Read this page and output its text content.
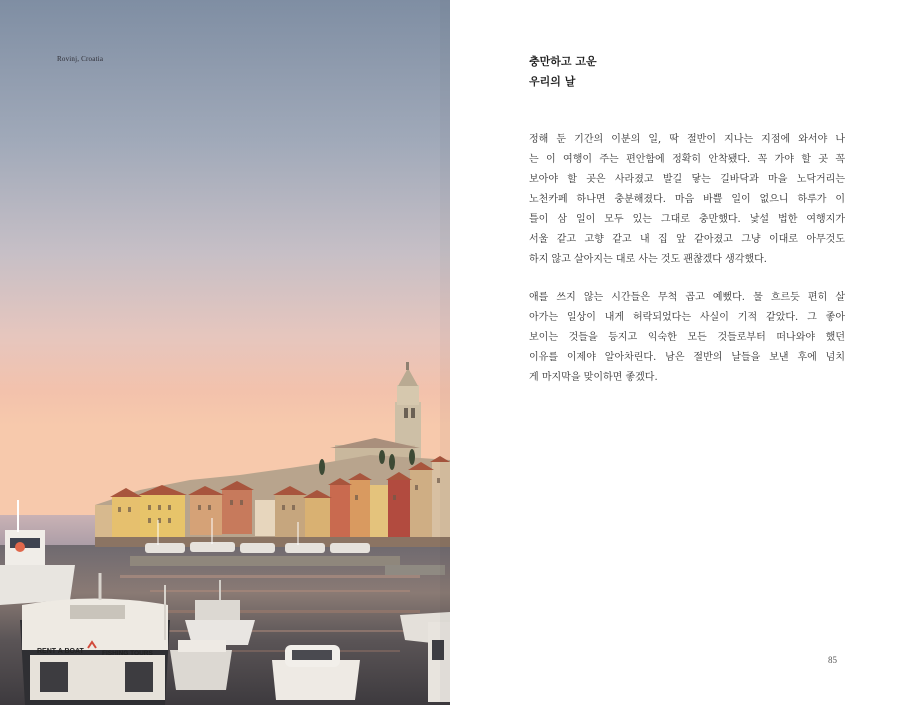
RENT A BOAT	FISHING TOURS
Rovinj, Croatia	충만하고 고운
우리의 날
정해 둔 기간의 이분의 일, 딱 절반이 지나는 지점에 와서야 나
는 이 여행이 주는 편안함에 정확히 안착됐다. 꼭 가야 할 곳 꼭
보아야 할 곳은 사라졌고 발길 닿는 길바닥과 마을 노닥거리는
노천카페 하나면 충분해졌다. 마음 바쁠 일이 없으니 하루가 이
틀이 삼 일이 모두 있는 그대로 충만했다. 낯설 법한 여행지가
서울 같고 고향 같고 내 집 앞 같아졌고 그냥 이대로 아무것도
하지 않고 살아지는 대로 사는 것도 괜찮겠다 생각했다.
애를 쓰지 않는 시간들은 무척 곱고 예뻤다. 물 흐르듯 편히 살
아가는 일상이 내게 허락되었다는 사실이 기적 같았다. 그 좋아
보이는 것들을 등지고 익숙한 모든 것들로부터 떠나와야 했던
이유를 이제야 알아차린다. 남은 절반의 날들을 보낸 후에 넘치
게 마지막을 맞이하면 좋겠다.
85
